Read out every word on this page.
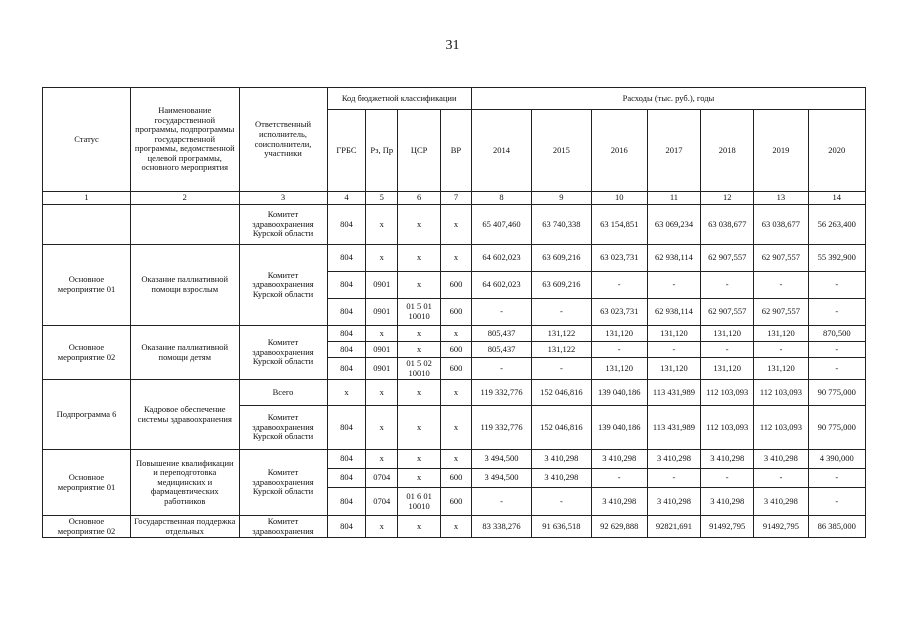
31
Статус	Наименование государственной программы, подпрограммы государственной программы, ведомственной целевой программы, основного мероприятия	Ответственный исполнитель, соисполнители, участники	Код бюджетной классификации				Расходы (тыс. руб.), годы						
			ГРБС	Рз, Пр	ЦСР	ВР	2014	2015	2016	2017	2018	2019	2020
1	2	3	4	5	6	7	8	9	10	11	12	13	14
		Комитет здравоохранения Курской области	804	х	х	х	65 407,460	63 740,338	63 154,851	63 069,234	63 038,677	63 038,677	56 263,400
Основное мероприятие 01	Оказание паллиативной помощи взрослым	Комитет здравоохранения Курской области	804	х	х	х	64 602,023	63 609,216	63 023,731	62 938,114	62 907,557	62 907,557	55 392,900
			804	0901	х	600	64 602,023	63 609,216	-	-	-	-	-
			804	0901	01 5 01 10010	600	-	-	63 023,731	62 938,114	62 907,557	62 907,557	-
Основное мероприятие 02	Оказание паллиативной помощи детям	Комитет здравоохранения Курской области	804	х	х	х	805,437	131,122	131,120	131,120	131,120	131,120	870,500
			804	0901	х	600	805,437	131,122	-	-	-	-	-
			804	0901	01 5 02 10010	600	-	-	131,120	131,120	131,120	131,120	-
Подпрограмма 6	Кадровое обеспечение системы здравоохранения	Всего	х	х	х	х	119 332,776	152 046,816	139 040,186	113 431,989	112 103,093	112 103,093	90 775,000
		Комитет здравоохранения Курской области	804	х	х	х	119 332,776	152 046,816	139 040,186	113 431,989	112 103,093	112 103,093	90 775,000
Основное мероприятие 01	Повышение квалификации и переподготовка медицинских и фармацевтических работников	Комитет здравоохранения Курской области	804	х	х	х	3 494,500	3 410,298	3 410,298	3 410,298	3 410,298	3 410,298	4 390,000
			804	0704	х	600	3 494,500	3 410,298	-	-	-	-	-
			804	0704	01 6 01 10010	600	-	-	3 410,298	3 410,298	3 410,298	3 410,298	-
Основное мероприятие 02	Государственная поддержка отдельных	Комитет здравоохранения	804	х	х	х	83 338,276	91 636,518	92 629,888	92821,691	91492,795	91492,795	86 385,000
